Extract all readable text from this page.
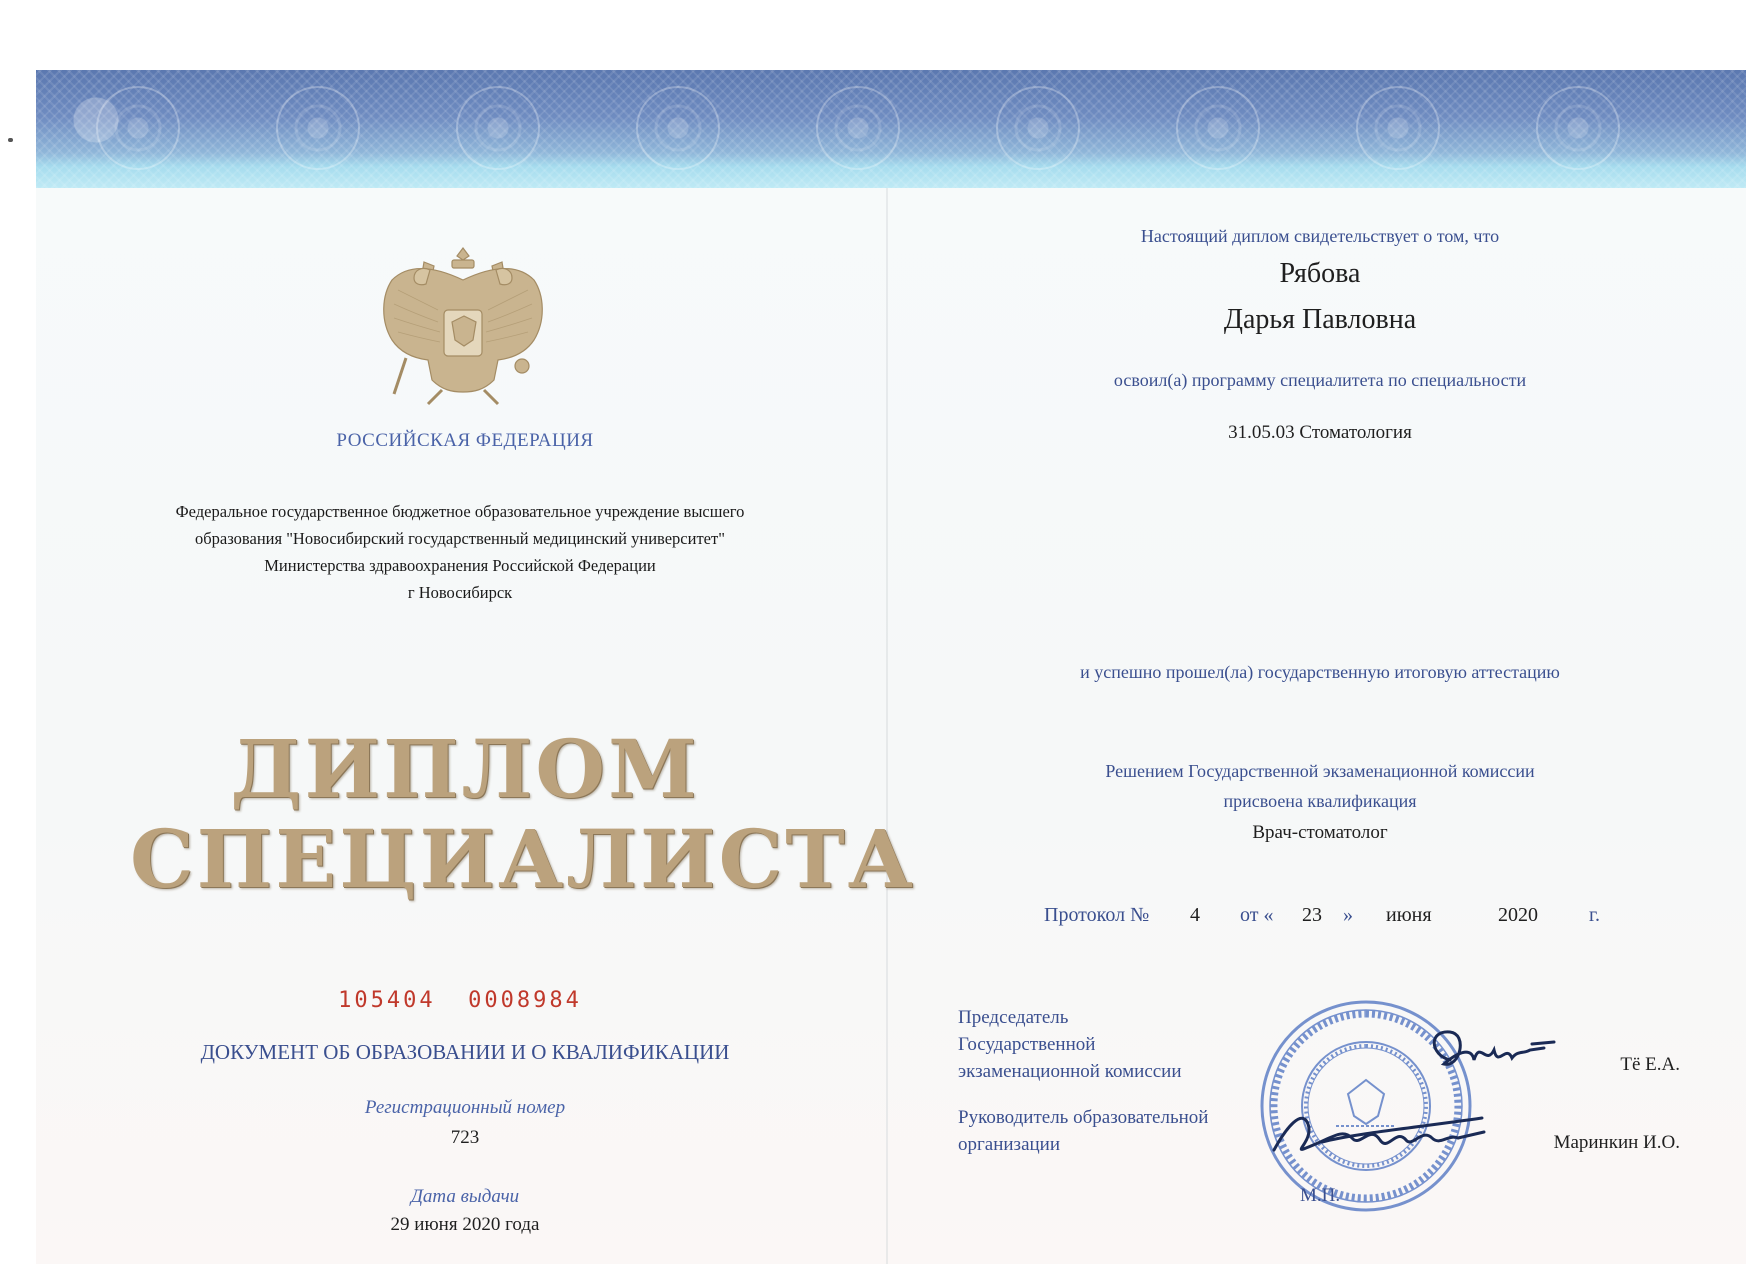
РОССИЙСКАЯ ФЕДЕРАЦИЯ
Федеральное государственное бюджетное образовательное учреждение высшего
образования "Новосибирский государственный медицинский университет"
Министерства здравоохранения Российской Федерации
г Новосибирск
ДИПЛОМ
СПЕЦИАЛИСТА
105404  0008984
ДОКУМЕНТ ОБ ОБРАЗОВАНИИ И О КВАЛИФИКАЦИИ
Регистрационный номер
723
Дата выдачи
29 июня 2020 года
Настоящий диплом свидетельствует о том, что
Рябова
Дарья Павловна
освоил(а) программу специалитета по специальности
31.05.03 Стоматология
и успешно прошел(ла) государственную итоговую аттестацию
Решением Государственной экзаменационной комиссии
присвоена квалификация
Врач-стоматолог
Протокол № 4 от « 23 » июня	2020	г.
Председатель
Государственной
экзаменационной комиссии	Тё Е.А.
Руководитель образовательной
организации	Маринкин И.О.
М.П.
